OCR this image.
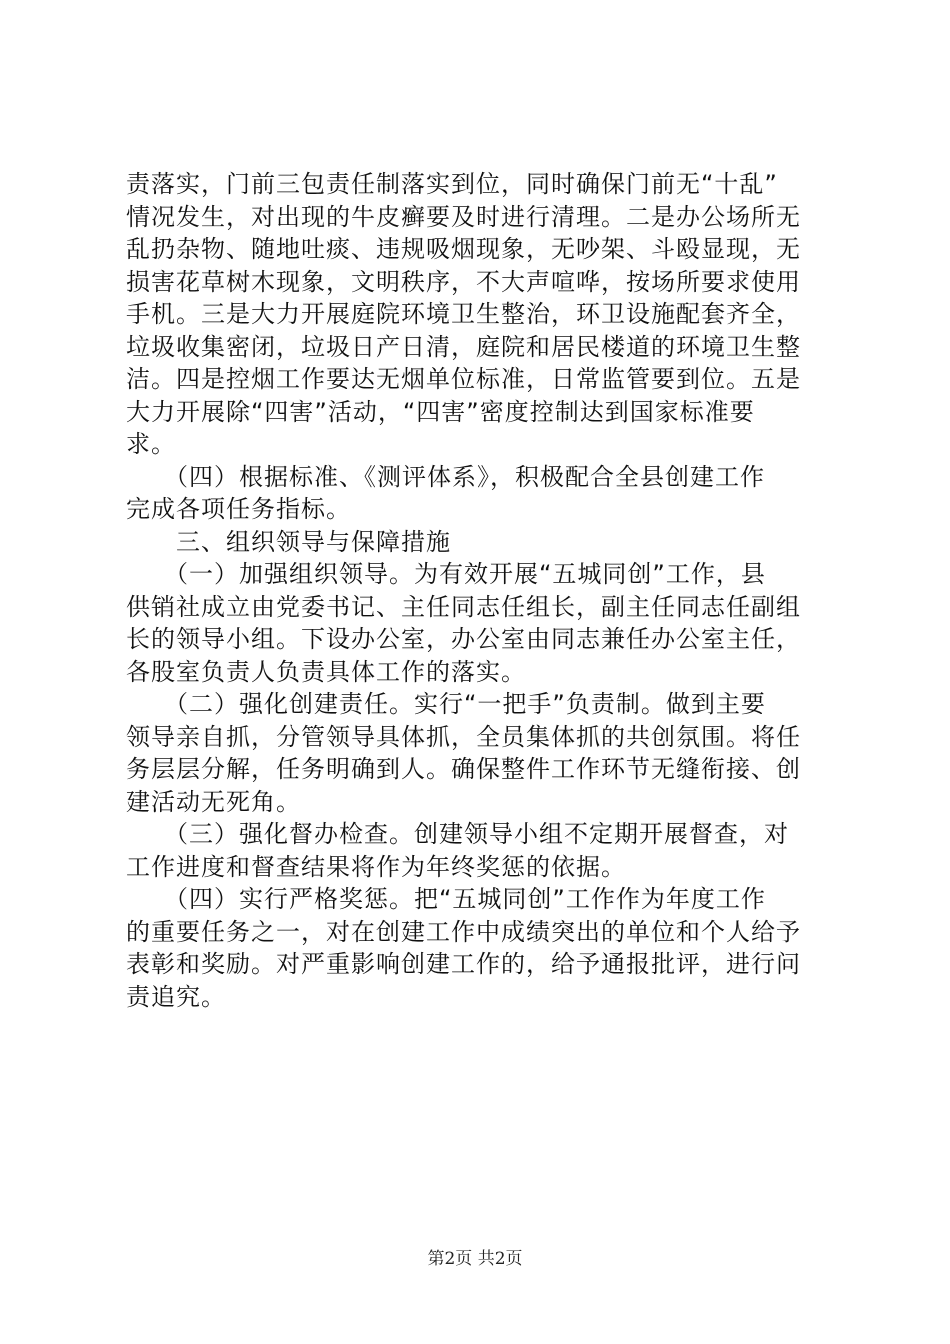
责落实，门前三包责任制落实到位，同时确保门前无“十乱”
情况发生，对出现的牛皮癣要及时进行清理。二是办公场所无
乱扔杂物、随地吐痰、违规吸烟现象，无吵架、斗殴显现，无
损害花草树木现象，文明秩序，不大声喧哗，按场所要求使用
手机。三是大力开展庭院环境卫生整治，环卫设施配套齐全，
垃圾收集密闭，垃圾日产日清，庭院和居民楼道的环境卫生整
洁。四是控烟工作要达无烟单位标准，日常监管要到位。五是
大力开展除“四害”活动，“四害”密度控制达到国家标准要
求。
　　（四）根据标准、《测评体系》，积极配合全县创建工作
完成各项任务指标。
　　三、组织领导与保障措施
　　（一）加强组织领导。为有效开展“五城同创”工作，县
供销社成立由党委书记、主任同志任组长，副主任同志任副组
长的领导小组。下设办公室，办公室由同志兼任办公室主任，
各股室负责人负责具体工作的落实。
　　（二）强化创建责任。实行“一把手”负责制。做到主要
领导亲自抓，分管领导具体抓，全员集体抓的共创氛围。将任
务层层分解，任务明确到人。确保整件工作环节无缝衔接、创
建活动无死角。
　　（三）强化督办检查。创建领导小组不定期开展督查，对
工作进度和督查结果将作为年终奖惩的依据。
　　（四）实行严格奖惩。把“五城同创”工作作为年度工作
的重要任务之一，对在创建工作中成绩突出的单位和个人给予
表彰和奖励。对严重影响创建工作的，给予通报批评，进行问
责追究。
第2页 共2页
